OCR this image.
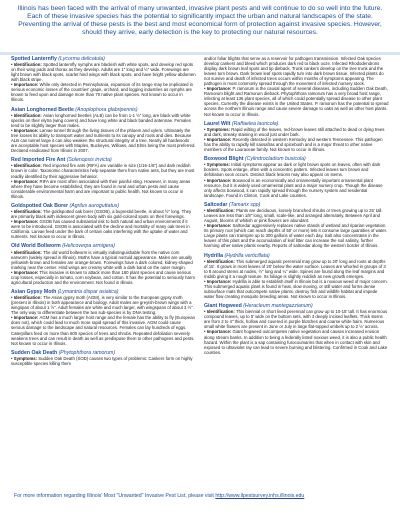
Illinois has been faced with the arrival of many unwanted, invasive plant pests and will continue to do so well into the future. Each of these invasive species has the potential to significantly impact the urban and natural landscapes of the state. Preventing the arrival of these pests is the best and most economical form of protection against invasive species. However, should they arrive, early detection is the key to protecting our natural resources.
Spotted Lanternfly (Lycorma delicatula)
• Identification: Spotted lanternfly nymphs are blackish with white spots, and develop red spots on their wing pads and thorax as they develop. Adults are 1" long and ½" wide. Forewings are light brown with black spots, scarlet hind wings with black spots, and have bright yellow abdomen with black stripe.
• Importance: While only detected in Pennsylvania, expansion of its range may be implicated in serious economic losses of the countries' grape, orchard, and logging industries as nymphs are known to feed upon and damage more than 70 native plant species. Not known to occur in Illinois.
Asian Longhorned Beetle (Anoplophora glabripennis)
• Identification: Asian longhorned beetles (ALB) can be from 1-1 ½" long, are black with white specks on their elytra (wing covers) and have long white and black banded antennae. Females tend to be slightly larger than males.
• Importance: Larvae tunnel through the living tissues of the phloem and xylem. Ultimately the tree looses its ability to transport water and nutrients to its canopy and roots and dies. Because ALB can tunnel large it can also weaken the structural integrity of a tree. Nearly all hardwoods are acceptable host species with Maples, Buckeyes, Willows, and Elms being the most preferred. Declared eradicated from Illinois in 2007.
Red Imported Fire Ant (Solenopsis invicta)
• Identification: Red imported fire ants (RIFA) are variable in size (1/16-1/5") and dark reddish brown in color. Taxonomic characteristics help separate them from native ants, but they are most readily identified by their aggressive behavior.
• Importance: RIFA are most often associated with their painful sting. However, in many areas where they have become established, they are found in rural and urban pests and cause considerable environmental harm and are important to public health. Not known to occur in Illinois.
Goldspotted Oak Borer (Agrilus auroguttatus)
• Identification: The goldspotted oak borer (GSOB), a buprestid beetle, is about ½" long. They are primarily black with iridescent green body with six gold-colored spots on their forewings.
• Importance: GSOB has caused substantial risk to both natural and urban environments if it were to be introduced. GSOB is associated with the decline and mortality of many oak trees in California. Larvae feed under the bark of certain oaks interfering with the uptake of water and nutrients. Not known to occur in Illinois.
Old World Bollworm (Helicoverpa armigera)
• Identification: The old world bollworm is virtually indistinguishable from the native corn earworm (widely spread in Illinois). Moths have a typical noctuid appearance. Males are usually yellowish-brown and females are orange-brown. Forewings have a dark colored, kidney-shaped marking near the center. Hind wings are creamy white with a dark band on the outer margin.
• Importance: This invasive is known to attack more than 180 plant species and cause serious crop losses, especially in tomato, corn soybean, and cotton. It has the potential to seriously harm agricultural production and the environment. Not found in Illinois.
Asian Gypsy Moth (Lymantria dispar asiatica)
• Identification: The Asian gypsy moth (AGM), is very similar to the European gypsy moth (present in Illinois) in both appearance and biology. Adult males are greyish-brown wings with a wingspan of about 1 ½". Adult females are white and much larger, with wingspans of about 3 ½". The only way to differentiate between the two sub-species is by DNA testing.
• Importance: AGM has a much larger host range and the female has the ability to fly (European does not), which could lead to much more rapid spread of this invasive. AGM could cause serious damage to the landscape and natural resources. Females can lay hundreds of eggs. Caterpillars feed on more than 600 species of trees and shrubs. Repeated defoliation severely weakens trees and can result in death as well as predispose them to other pathogens and pests. Not known to occur in Illinois.
Sudden Oak Death (Phytophthora ramorum)
• Symptoms: Sudden Oak Death (SOD) causes two types of problems: Cankers form on highly susceptible species killing them
and/or foliar blights that serve as a reservoir for pathogen transmission. Infected Oak species develop cankers and bleed which produces dark red to black ooze. Infected Rhododendrons display dark brown leaf spots and tip dieback. Trunk cankers develop on the tree trunk and the leaves turn brown. Dark brown leaf spots rapidly turn into dark brown tissue. Infected plants do not survive and death of infected trees occurs within months of symptoms appearing. The pathogen is most commonly spread through the movement of infected nursery stock.
• Importance: P. ramorum is the causal agent of several diseases, including Sudden Oak Death, Ramorum blight and Ramorum dieback. Phytophthora ramorum has a very broad host range, infecting at least 136 plant species, all of which could potentially spread disease to other plant species. Currently the disease exists in the United States. P. ramorum has the potential to spread across the northern Illinois range and cause severe damage to oaks as well as other host plants. Not known to occur in Illinois.
Laurel Wilt (Raffaelea lauricola)
• Symptoms: Rapid wilting of the leaves, red-brown leaves still attached to dead or dying trees and dark, streaky staining in wood just under bark.
• Importance: Recently detected in western Kentucky and western Tennessee. This pathogen has the ability to rapidly kill sassafras and spicebush and is a major threat to other native members of the Lauraceae family. Not known to occur in Illinois.
Boxwood Blight (Cylindrocladium buxicola)
• Symptoms: Initial symptoms appear as dark or light brown spots on leaves, often with dark borders. Spots enlarge, often with a concentric pattern. Infected leaves turn brown and defoliation soon occurs. Distinct black lesions may also appear on stems.
• Importance: Boxwood is an economically and ornamentally important ornamental plant resource, but it is widely used ornamental plant and a major nursery crop. Though the disease only affects boxwood, it can rapidly spread through the nursery system and residential landscape. Found in Clinton, Cook and Lake counties.
Saltcedar (Tamarix spp)
• Identification: Plants are deciduous, loosely branched shrubs or trees growing up to 25' tall. Leaves are less than 1/8" long, small, scale-like, and arranged alternately. Between April and August, blooms of whitish or pink flowers are abundant.
• Importance: Saltcedar aggressively replaces native stands of wetland and riparian vegetation. Its primary root (which can reach depths of 50' or more) lets it consume large quantities of water. Large plants can transpire up to 300 gallons of water each day. Salt also concentrates in the leaves of this plant and the accumulation of leaf litter can increase the soil salinity, further harming other native plants nearby. Reports of saltcedar along the western border of Illinois.
Hydrilla (Hydrilla verticillata)
• Identification: This submerged aquatic perennial may grow up to 20' long and roots at depths of 15'. It grows in most leaves of 20' below the water surface. Leaves are whorled in groups of 3 to 8 around stems at nodes, ½" long and ¼" wide. Spines are found along the leaf margins and midrib giving it a rough texture. Its foliage is slightly reddish as new growth emerges.
• Importance: Hydrilla is able to establish itself in Illinois but is a noxious weed of major concern. This submerged aquatic plant is found in heat, slow moving, or still water and forms dense subsurface mats that outcompete native plants, destroy fish and wildlife habitat and impede water flow creating mosquito breeding areas. Not known to occur in Illinois.
Giant Hogweed (Heracleum mantegazzianum)
• Identification: This biennial or short lived perennial can grow up to 10-15' tall. It has enormous compound leaves, up to 5' wide on the bottom sets, with 3 deeply incised leaflets. Thick stems are from 2 to 4" thick, hollow and covered in purple blotches and coarse white hairs. Numerous small white flowers are present in June or July in large flat-topped umbels up to 2 ½' across.
• Importance: Giant hogweed outcompetes native vegetation and causes increased erosion along stream banks. In addition to being a federally listed noxious weed, it is also a public health hazard. Within the plant is a sap containing furocoumarins that when in contact with skin and exposed to ultraviolet ray can lead to severe burning and blistering. Confirmed in Cook and Lake counties.
For more information regarding Illinois' Most "Unwanted" Invasive Pest List, please visit http://www.ilpestsurvey.inhs.illinois.edu
